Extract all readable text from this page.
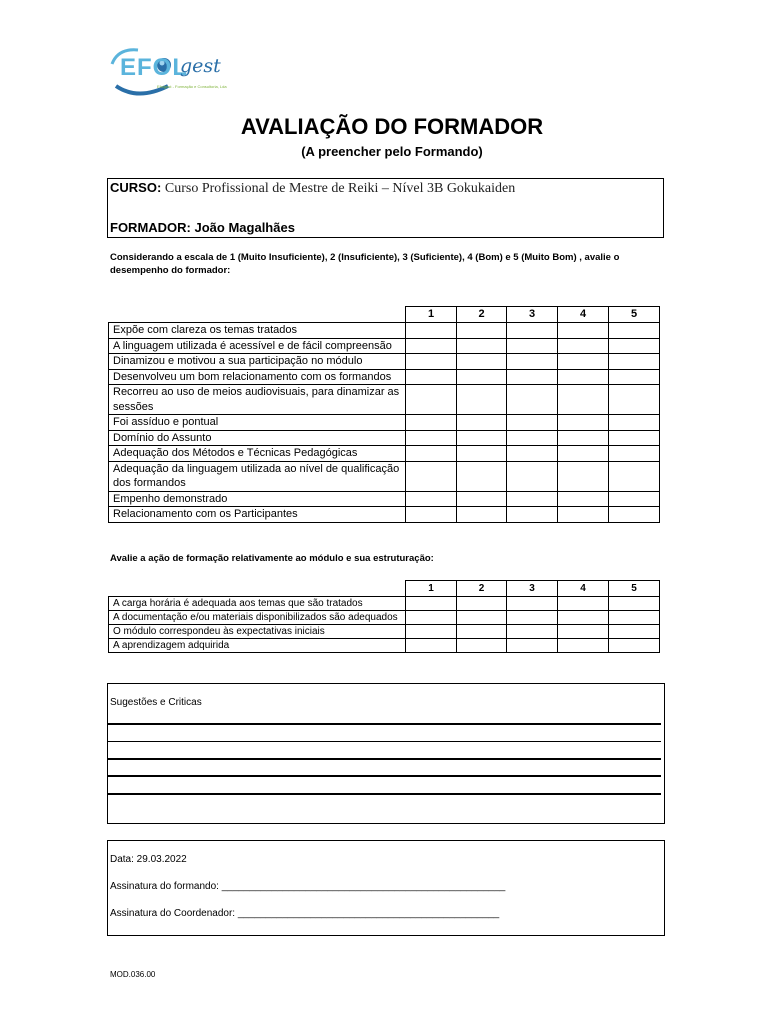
EFOL
gest
Efolgest - Formação e Consultoria, Lda
AVALIAÇÃO DO FORMADOR
(A preencher pelo Formando)
CURSO: Curso Profissional de Mestre de Reiki – Nível 3B Gokukaiden
FORMADOR: João Magalhães
Considerando a escala de 1 (Muito Insuficiente), 2 (Insuficiente), 3 (Suficiente), 4 (Bom) e 5 (Muito Bom) , avalie o desempenho do formador:
	1	2	3	4	5
Expõe com clareza os temas tratados					
A linguagem utilizada é acessível e de fácil compreensão					
Dinamizou e motivou a sua participação no módulo					
Desenvolveu um bom relacionamento com os formandos					
Recorreu ao uso de meios audiovisuais, para dinamizar as sessões					
Foi assíduo e pontual					
Domínio do Assunto					
Adequação dos Métodos e Técnicas Pedagógicas					
Adequação da linguagem utilizada ao nível de qualificação dos formandos					
Empenho demonstrado					
Relacionamento com os Participantes					
Avalie a ação de formação relativamente ao módulo e sua estruturação:
	1	2	3	4	5
A carga horária é adequada aos temas que são tratados					
A documentação e/ou materiais disponibilizados são adequados					
O módulo correspondeu às expectativas iniciais					
A aprendizagem adquirida					
Sugestões e Criticas
Data: 29.03.2022
Assinatura do formando: ___________________________________________________
Assinatura do Coordenador: _______________________________________________
MOD.036.00
